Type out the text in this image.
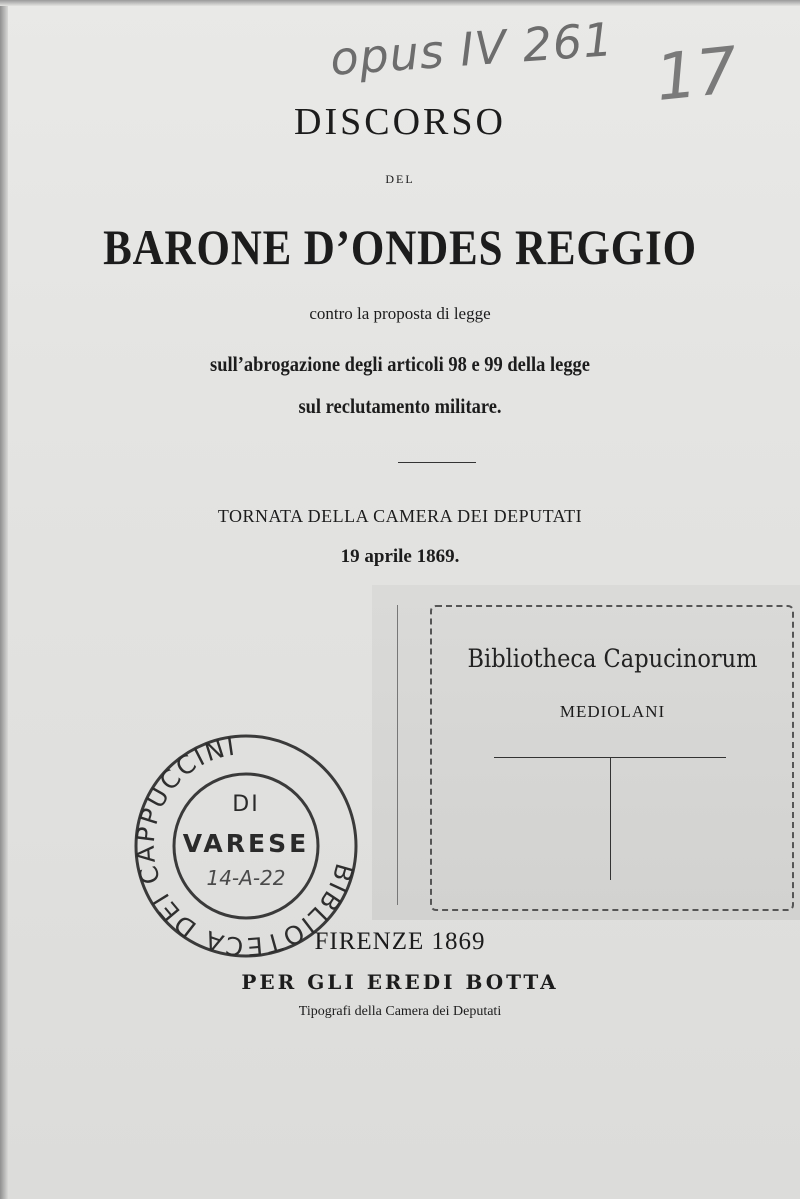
opus IV 261 17
DISCORSO
DEL
BARONE D’ONDES REGGIO
contro la proposta di legge
sull’abrogazione degli articoli 98 e 99 della legge
sul reclutamento militare.
TORNATA DELLA CAMERA DEI DEPUTATI
19 aprile 1869.
Bibliotheca Capucinorum
MEDIOLANI
BIBLIOTECA DEI CAPPUCCINI
DI
VARESE
14-A-22
FIRENZE 1869
PER GLI EREDI BOTTA
Tipografi della Camera dei Deputati
